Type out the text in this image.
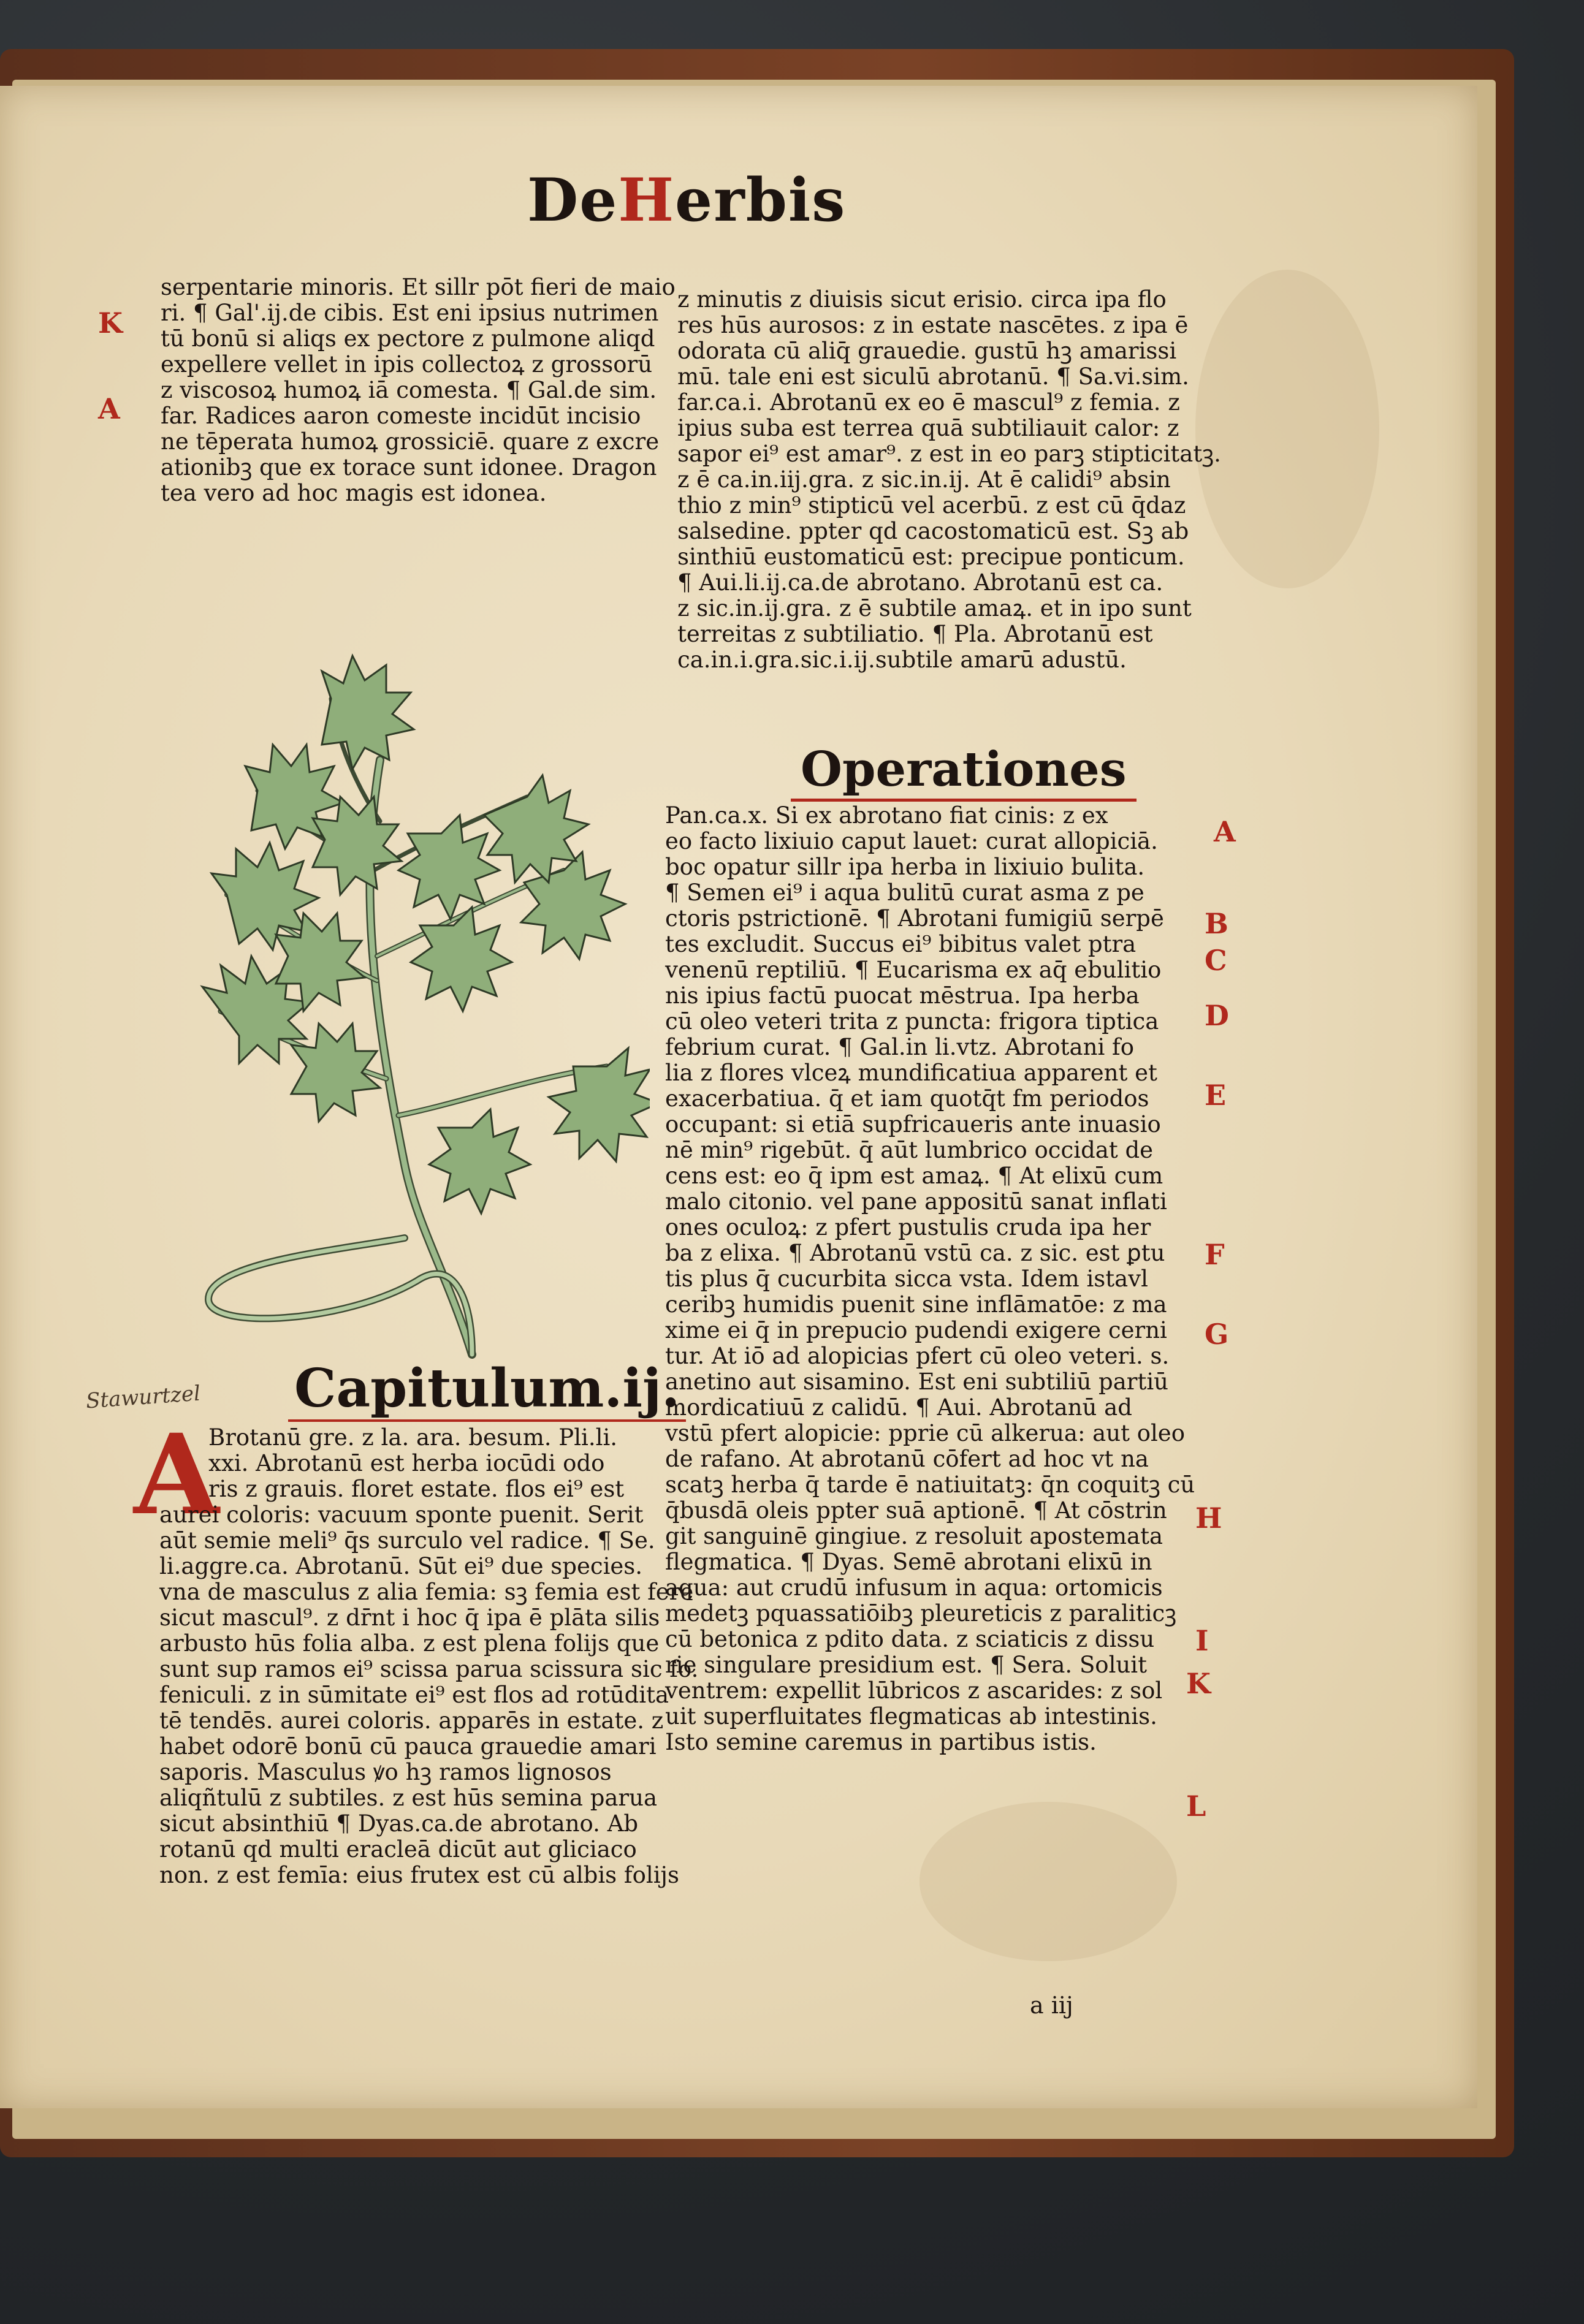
DeHerbis
serpentarie minoris. Et sillr pōt fieri de maio
ri. ¶ Gal'.ij.de cibis. Est eni ipsius nutrimen
tū bonū si aliqs ex pectore z pulmone aliqd
expellere vellet in ipis collectoꝝ z grossorū
z viscosoꝝ humoꝝ iā comesta. ¶ Gal.de sim.
far. Radices aaron comeste incidūt incisio
ne tēperata humoꝝ grossiciē. quare z excre
ationibꝫ que ex torace sunt idonee. Dragon
tea vero ad hoc magis est idonea.
z minutis z diuisis sicut erisio. circa ipa flo
res hūs aurosos: z in estate nascētes. z ipa ē
odorata cū aliq̄ grauedie. gustū hꝫ amarissi
mū. tale eni est siculū abrotanū. ¶ Sa.vi.sim.
far.ca.i. Abrotanū ex eo ē mascul⁹ z femia. z
ipius suba est terrea quā subtiliauit calor: z
sapor ei⁹ est amar⁹. z est in eo parꝫ stipticitatꝫ.
z ē ca.in.iij.gra. z sic.in.ij. At ē calidi⁹ absin
thio z min⁹ stipticū vel acerbū. z est cū q̄daz
salsedine. ppter qd cacostomaticū est. Sꝫ ab
sinthiū eustomaticū est: precipue ponticum.
¶ Aui.li.ij.ca.de abrotano. Abrotanū est ca.
z sic.in.ij.gra. z ē subtile amaꝝ. et in ipo sunt
terreitas z subtiliatio. ¶ Pla. Abrotanū est
ca.in.i.gra.sic.i.ij.subtile amarū adustū.
Operationes
Pan.ca.x. Si ex abrotano fiat cinis: z ex
eo facto lixiuio caput lauet: curat allopiciā.
boc opatur sillr ipa herba in lixiuio bulita.
¶ Semen ei⁹ i aqua bulitū curat asma z pe
ctoris pstrictionē. ¶ Abrotani fumigiū serpē
tes excludit. Succus ei⁹ bibitus valet ptra
venenū reptiliū. ¶ Eucarisma ex aq̄ ebulitio
nis ipius factū puocat mēstrua. Ipa herba
cū oleo veteri trita z puncta: frigora tiptica
febrium curat. ¶ Gal.in li.vtz. Abrotani fo
lia z flores vlceꝝ mundificatiua apparent et
exacerbatiua. q̄ et iam quotq̄t fm periodos
occupant: si etiā supfricaueris ante inuasio
nē min⁹ rigebūt. q̄ aūt lumbrico occidat de
cens est: eo q̄ ipm est amaꝝ. ¶ At elixū cum
malo citonio. vel pane appositū sanat inflati
ones oculoꝝ: z pfert pustulis cruda ipa her
ba z elixa. ¶ Abrotanū vstū ca. z sic. est ꝑtu
tis plus q̄ cucurbita sicca vsta. Idem istavl
ceribꝫ humidis puenit sine inflāmatōe: z ma
xime ei q̄ in prepucio pudendi exigere cerni
tur. At iō ad alopicias pfert cū oleo veteri. s.
anetino aut sisamino. Est eni subtiliū partiū
mordicatiuū z calidū. ¶ Aui. Abrotanū ad
vstū pfert alopicie: pprie cū alkerua: aut oleo
de rafano. At abrotanū cōfert ad hoc vt na
scatꝫ herba q̄ tarde ē natiuitatꝫ: q̄n coquitꝫ cū
q̄busdā oleis ppter suā aptionē. ¶ At cōstrin
git sanguinē gingiue. z resoluit apostemata
flegmatica. ¶ Dyas. Semē abrotani elixū in
aqua: aut crudū infusum in aqua: ortomicis
medetꝫ pquassatiōibꝫ pleureticis z paraliticꝫ
cū betonica z pdito data. z sciaticis z dissu
rie singulare presidium est. ¶ Sera. Soluit
ventrem: expellit lūbricos z ascarides: z sol
uit superfluitates flegmaticas ab intestinis.
Isto semine caremus in partibus istis.
Stawurtzel Capitulum.ij.
A
Brotanū gre. z la. ara. besum. Pli.li.
xxi. Abrotanū est herba iocūdi odo
ris z grauis. floret estate. flos ei⁹ est
aurei coloris: vacuum sponte puenit. Serit
aūt semie meli⁹ q̄s surculo vel radice. ¶ Se.
li.aggre.ca. Abrotanū. Sūt ei⁹ due species.
vna de masculus z alia femia: sꝫ femia est fere
sicut mascul⁹. z dr̄nt i hoc q̄ ipa ē plāta silis
arbusto hūs folia alba. z est plena folijs que
sunt sup ramos ei⁹ scissa parua scissura sic fo.
feniculi. z in sūmitate ei⁹ est flos ad rotūdita
tē tendēs. aurei coloris. apparēs in estate. z
habet odorē bonū cū pauca grauedie amari
saporis. Masculus ꝟo hꝫ ramos lignosos
aliqñtulū z subtiles. z est hūs semina parua
sicut absinthiū ¶ Dyas.ca.de abrotano. Ab
rotanū qd multi eracleā dicūt aut gliciaco
non. z est femīa: eius frutex est cū albis folijs
K
A
A
B
C
D
E
F
G
H
I
K
L
a iij
